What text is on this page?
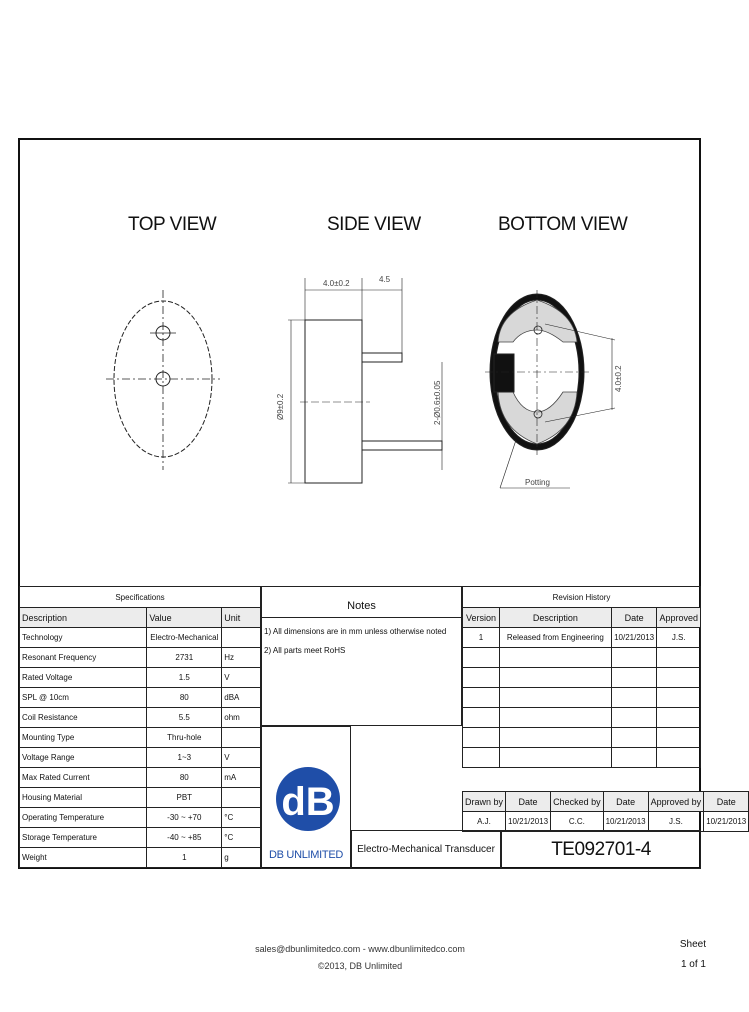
TOP VIEW	SIDE VIEW	BOTTOM VIEW
4.0±0.2	4.5
Ø9±0.2	2-Ø0.6±0.05
4.0±0.2
Potting
Specifications		
Description	Value	Unit
Technology	Electro-Mechanical	
Resonant Frequency	2731	Hz
Rated Voltage	1.5	V
SPL @ 10cm	80	dBA
Coil Resistance	5.5	ohm
Mounting Type	Thru-hole	
Voltage Range	1~3	V
Max Rated Current	80	mA
Housing Material	PBT	
Operating Temperature	-30 ~ +70	°C
Storage Temperature	-40 ~ +85	°C
Weight	1	g
Notes
1) All dimensions are in mm unless otherwise noted
2) All parts meet RoHS
dB
DB UNLIMITED
Revision History			
Version	Description	Date	Approved
1	Released from Engineering	10/21/2013	J.S.

Drawn by	Date	Checked by	Date	Approved by	Date
A.J.	10/21/2013	C.C.	10/21/2013	J.S.	10/21/2013
Electro-Mechanical Transducer	TE092701-4
sales@dbunlimitedco.com - www.dbunlimitedco.com
©2013, DB Unlimited
Sheet
1 of 1
